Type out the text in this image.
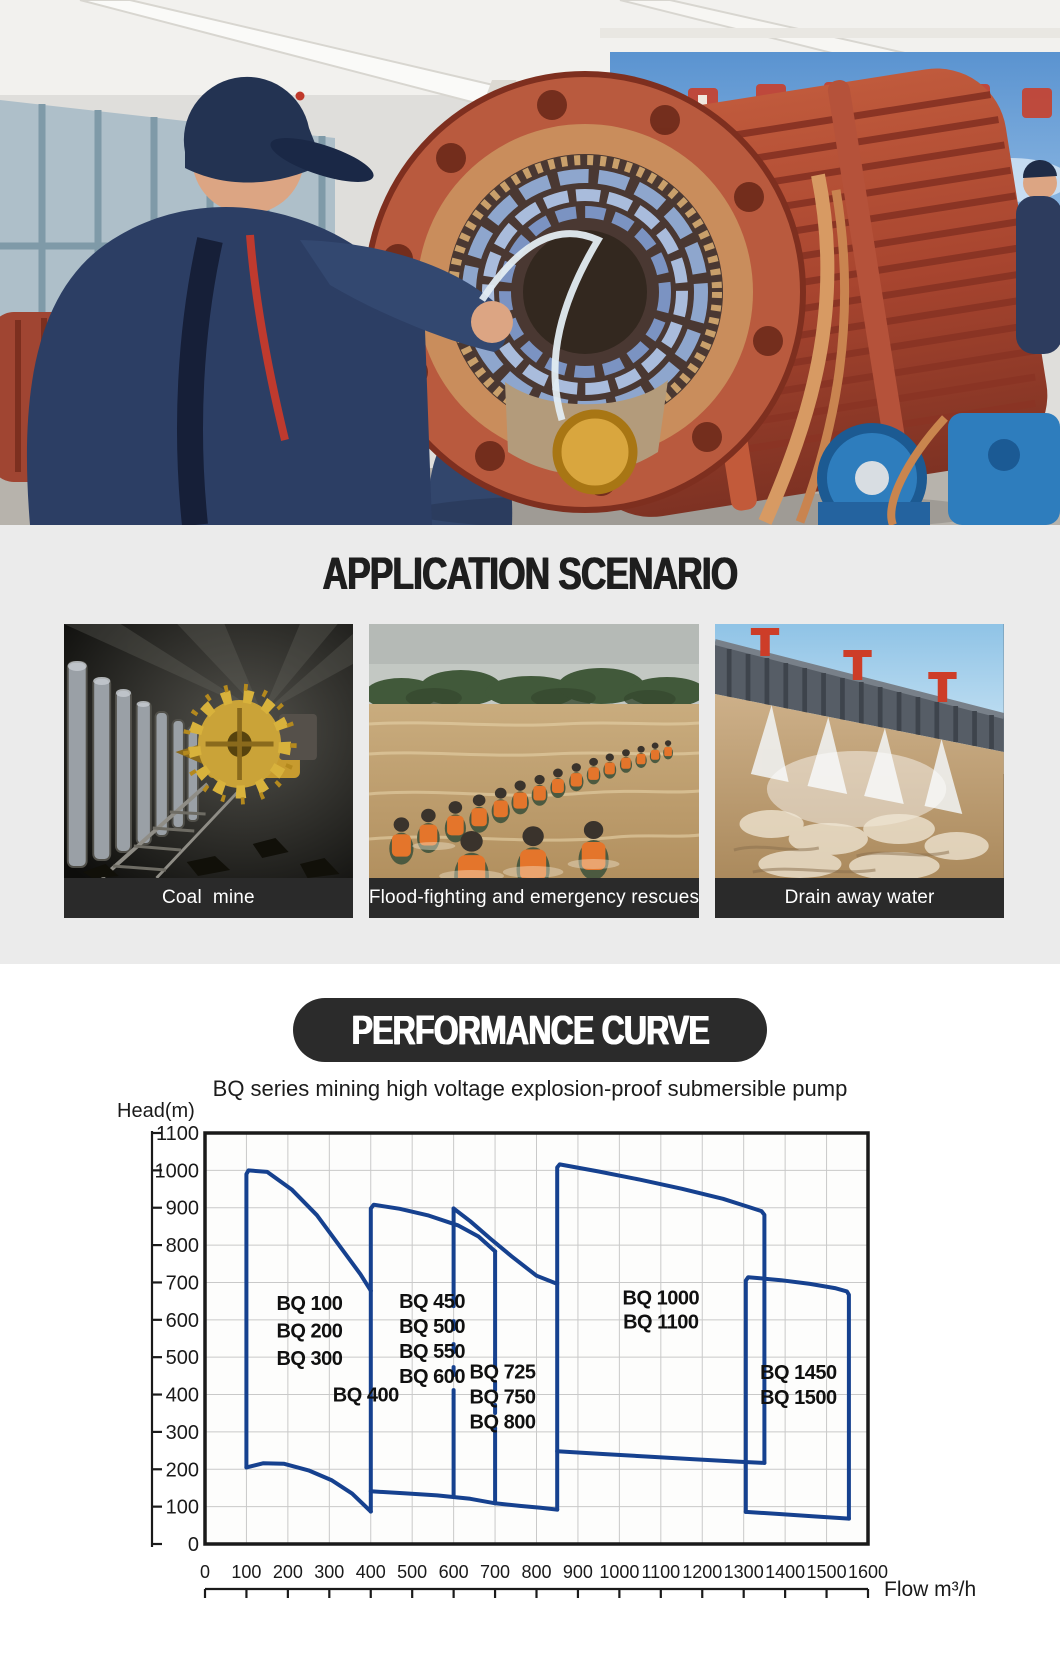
APPLICATION SCENARIO
Coal  mine	Flood-fighting and emergency rescues	Drain away water
PERFORMANCE CURVE
BQ series mining high voltage explosion-proof submersible pump
Head(m)
BQ 100
BQ 200
BQ 300
BQ 400
BQ 450
BQ 500
BQ 550
BQ 600 BQ 725
BQ 750
BQ 800
BQ 1000
BQ 1100
BQ 1450
BQ 1500
0
100
200
300
400
500
600
700
800
900
1000
1100
0 100 200 300 400 500 600 700 800 900 1000 1100 1200 1300 1400 1500 1600
Flow m³/h
